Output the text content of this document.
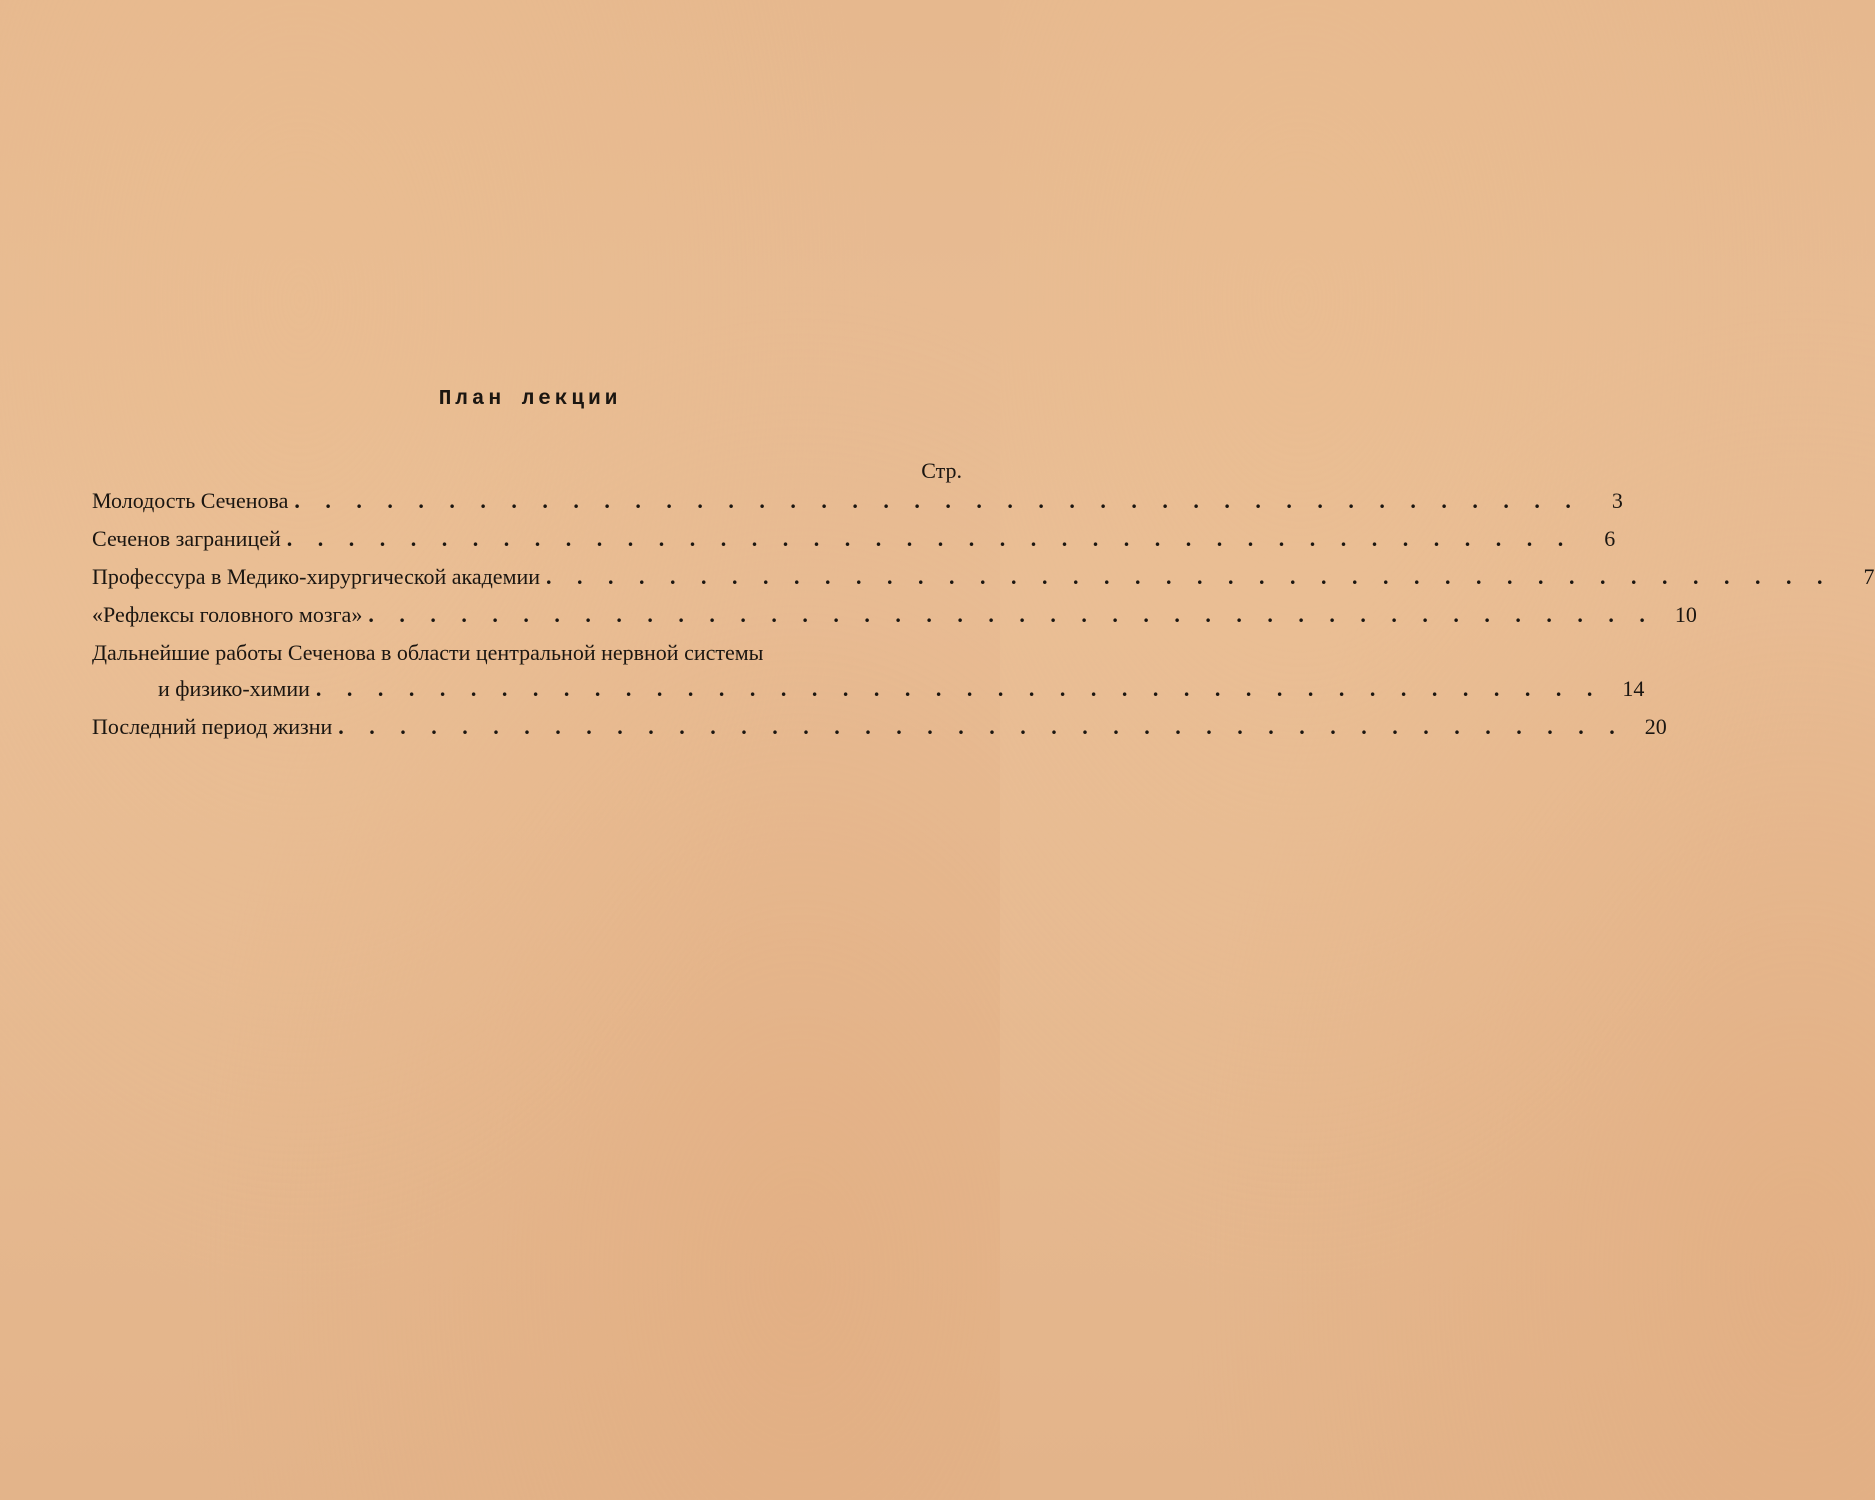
План лекции
Стр.
Молодость Сеченова . . . . . . . . . . . . . . . . . . . . . . . . . . . . . . . . . . . . . . . . . .	3
Сеченов заграницей . . . . . . . . . . . . . . . . . . . . . . . . . . . . . . . . . . . . . . . . . .	6
Профессура в Медико-хирургической академии . . . . . . . . . . . . . . . . . . . . . . . . . . . . . . . . . . . . . . . . . .	7
«Рефлексы головного мозга» . . . . . . . . . . . . . . . . . . . . . . . . . . . . . . . . . . . . . . . . . . 10
Дальнейшие работы Сеченова в области центральной нервной системы
и физико-химии . . . . . . . . . . . . . . . . . . . . . . . . . . . . . . . . . . . . . . . . . . 14
Последний период жизни . . . . . . . . . . . . . . . . . . . . . . . . . . . . . . . . . . . . . . . . . . 20
